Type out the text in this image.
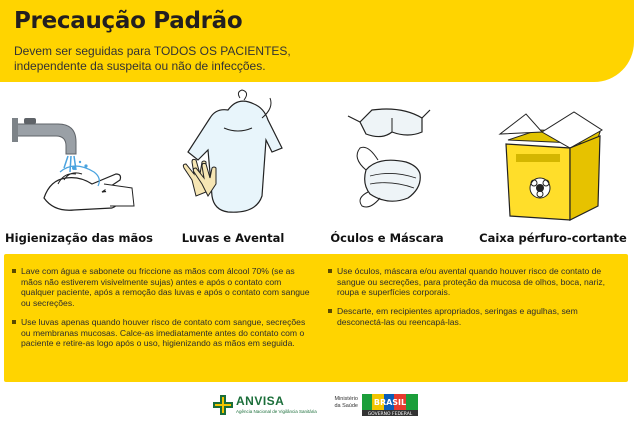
Precaução Padrão
Devem ser seguidas para TODOS OS PACIENTES,
independente da suspeita ou não de infecções.
Higienização das mãos	Luvas e Avental	Óculos e Máscara	Caixa pérfuro-cortante
Lave com água e sabonete ou friccione as mãos com álcool 70% (se as mãos não estiverem visivelmente sujas) antes e após o contato com qualquer paciente, após a remoção das luvas e após o contato com sangue ou secreções.
Use luvas apenas quando houver risco de contato com sangue, secreções ou membranas mucosas. Calce-as imediatamente antes do contato com o paciente e retire-as logo após o uso, higienizando as mãos em seguida.
Use óculos, máscara e/ou avental quando houver risco de contato de sangue ou secreções, para proteção da mucosa de olhos, boca, nariz, roupa e superfícies corporais.
Descarte, em recipientes apropriados, seringas e agulhas, sem desconectá-las ou reencapá-las.
ANVISA
Agência Nacional de Vigilância Sanitária
Ministério
da Saúde BRASIL
GOVERNO FEDERAL
